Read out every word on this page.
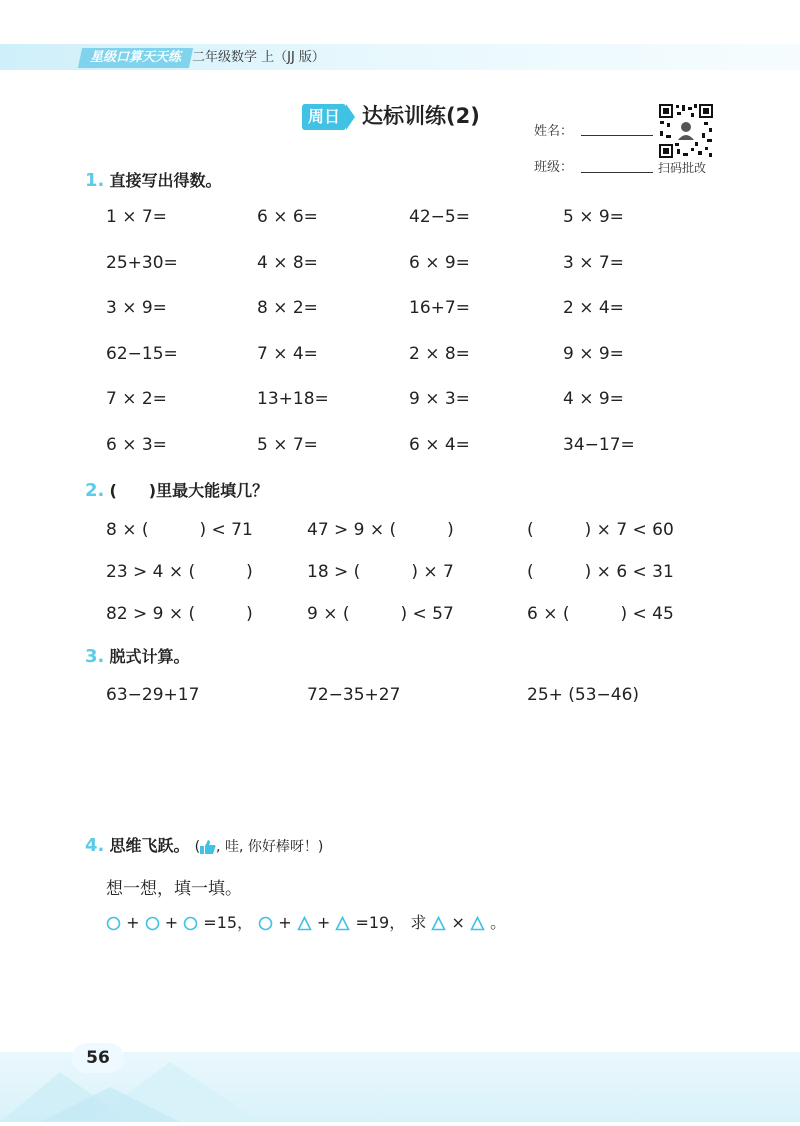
星级口算天天练 二年级数学 上（JJ 版）
周日 达标训练(2)
姓名：
班级：	扫码批改
1. 直接写出得数。
1 × 7=	6 × 6=	42−5=	5 × 9=
25+30=	4 × 8=	6 × 9=	3 × 7=
3 × 9=	8 × 2=	16+7=	2 × 4=
62−15=	7 × 4=	2 × 8=	9 × 9=
7 × 2=	13+18=	9 × 3=	4 × 9=
6 × 3=	5 × 7=	6 × 4=	34−17=
2. (　　)里最大能填几？
8 × (　　　) < 71	47 > 9 × (　　　)	(　　　) × 7 < 60
23 > 4 × (　　　)	18 > (　　　) × 7	(　　　) × 6 < 31
82 > 9 × (　　　)	9 × (　　　) < 57	6 × (　　　) < 45
3. 脱式计算。
63−29+17	72−35+27	25+ (53−46)
4. 思维飞跃。 ( , 哇, 你好棒呀！)
想一想，填一填。
+ + =15， + + =19， 求 × 。
56
